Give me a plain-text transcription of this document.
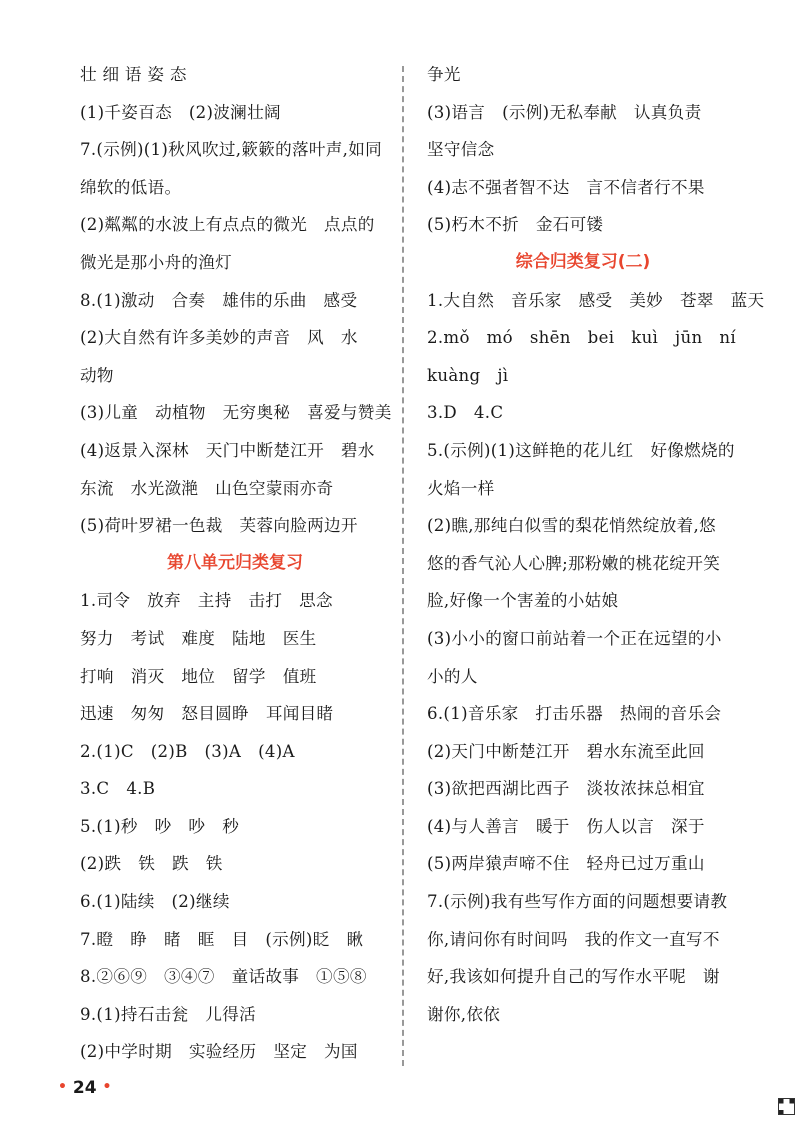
壮 细 语 姿 态
(1)千姿百态　(2)波澜壮阔
7.(示例)(1)秋风吹过,簌簌的落叶声,如同
绵软的低语。
(2)粼粼的水波上有点点的微光　点点的
微光是那小舟的渔灯
8.(1)激动　合奏　雄伟的乐曲　感受
(2)大自然有许多美妙的声音　风　水
动物
(3)儿童　动植物　无穷奥秘　喜爱与赞美
(4)返景入深林　天门中断楚江开　碧水
东流　水光潋滟　山色空蒙雨亦奇
(5)荷叶罗裙一色裁　芙蓉向脸两边开
第八单元归类复习
1.司令　放弃　主持　击打　思念
努力　考试　难度　陆地　医生
打响　消灭　地位　留学　值班
迅速　匆匆　怒目圆睁　耳闻目睹
2.(1)C　(2)B　(3)A　(4)A
3.C　4.B
5.(1)秒　吵　吵　秒
(2)跌　铁　跌　铁
6.(1)陆续　(2)继续
7.瞪　睁　睹　眶　目　(示例)眨　瞅
8.②⑥⑨　③④⑦　童话故事　①⑤⑧
9.(1)持石击瓮　儿得活
(2)中学时期　实验经历　坚定　为国
争光
(3)语言　(示例)无私奉献　认真负责
坚守信念
(4)志不强者智不达　言不信者行不果
(5)朽木不折　金石可镂
综合归类复习(二)
1.大自然　音乐家　感受　美妙　苍翠　蓝天
2.mǒ　mó　shēn　bei　kuì　jūn　ní
kuàng　jì
3.D　4.C
5.(示例)(1)这鲜艳的花儿红　好像燃烧的
火焰一样
(2)瞧,那纯白似雪的梨花悄然绽放着,悠
悠的香气沁人心脾;那粉嫩的桃花绽开笑
脸,好像一个害羞的小姑娘
(3)小小的窗口前站着一个正在远望的小
小的人
6.(1)音乐家　打击乐器　热闹的音乐会
(2)天门中断楚江开　碧水东流至此回
(3)欲把西湖比西子　淡妆浓抹总相宜
(4)与人善言　暖于　伤人以言　深于
(5)两岸猿声啼不住　轻舟已过万重山
7.(示例)我有些写作方面的问题想要请教
你,请问你有时间吗　我的作文一直写不
好,我该如何提升自己的写作水平呢　谢
谢你,依依
• 24 •
